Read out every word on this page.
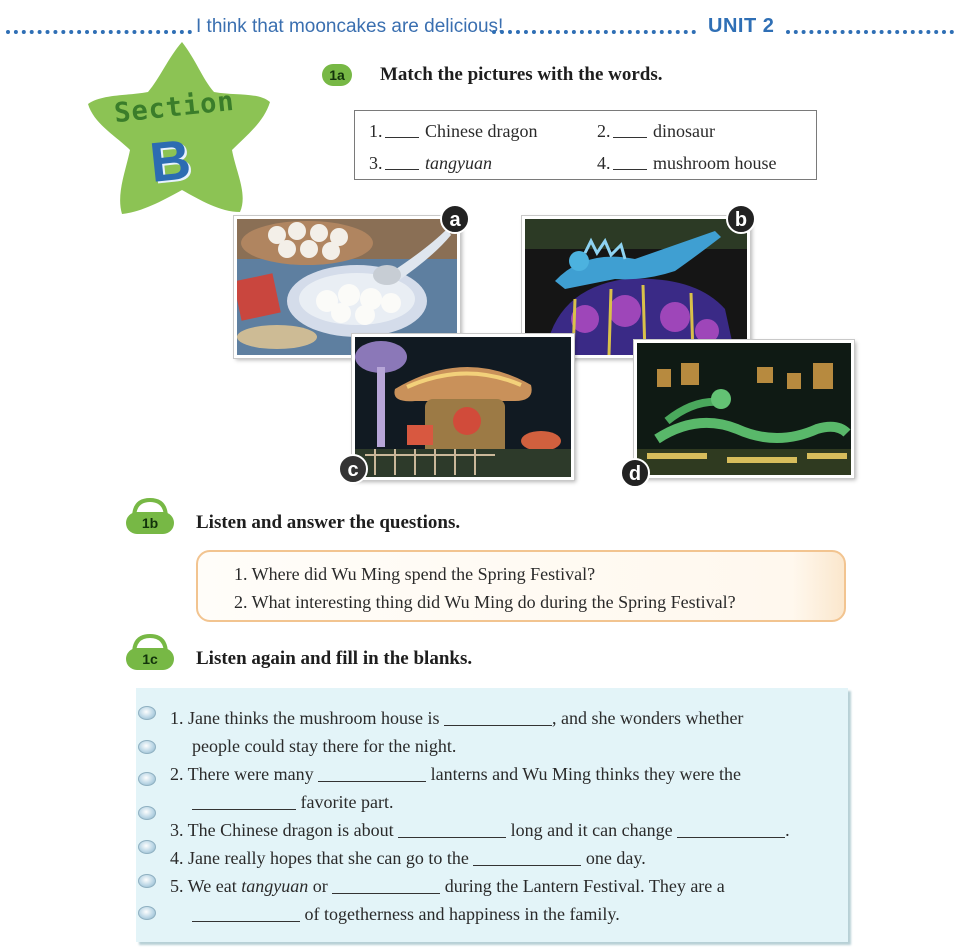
I think that mooncakes are delicious!	UNIT 2
Section
B
1a	Match the pictures with the words.
1. Chinese dragon	2. dinosaur
3. tangyuan	4. mushroom house
a	b
c	d
1b	Listen and answer the questions.
1. Where did Wu Ming spend the Spring Festival?
2. What interesting thing did Wu Ming do during the Spring Festival?
1c	Listen again and fill in the blanks.
1. Jane thinks the mushroom house is	, and she wonders whether
people could stay there for the night.
2. There were many	lanterns and Wu Ming thinks they were the
favorite part.
3. The Chinese dragon is about	long and it can change	.
4. Jane really hopes that she can go to the	one day.
5. We eat tangyuan or	during the Lantern Festival. They are a
of togetherness and happiness in the family.
